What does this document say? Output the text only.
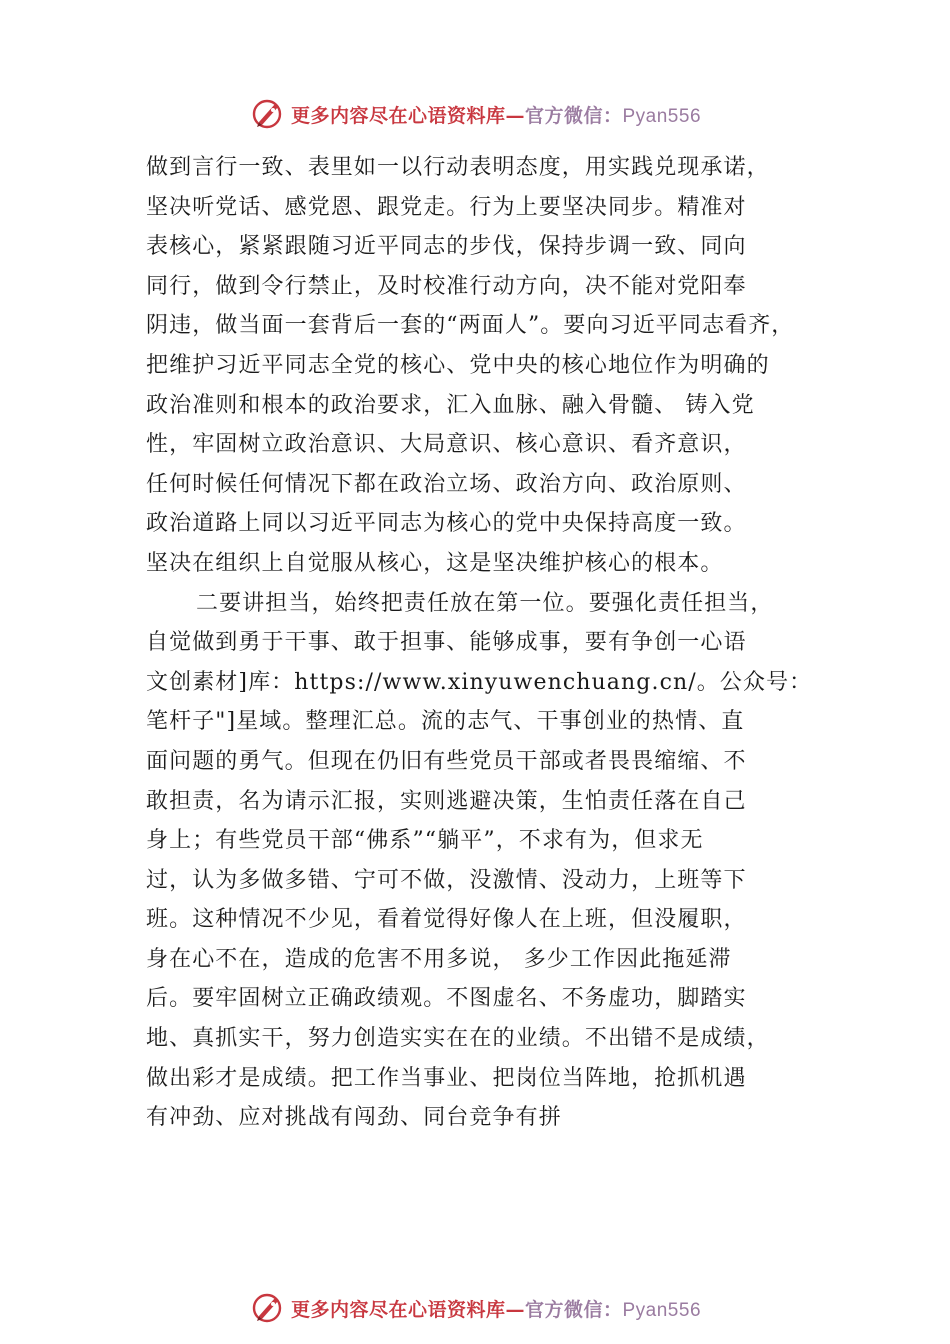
更多内容尽在心语资料库—官方微信：Pyan556
做到言行一致、表里如一以行动表明态度，用实践兑现承诺，
坚决听党话、感党恩、跟党走。行为上要坚决同步。精准对
表核心，紧紧跟随习近平同志的步伐，保持步调一致、同向
同行，做到令行禁止，及时校准行动方向，决不能对党阳奉
阴违，做当面一套背后一套的“两面人”。要向习近平同志看齐，
把维护习近平同志全党的核心、党中央的核心地位作为明确的
政治准则和根本的政治要求，汇入血脉、融入骨髓、 铸入党
性，牢固树立政治意识、大局意识、核心意识、看齐意识，
任何时候任何情况下都在政治立场、政治方向、政治原则、
政治道路上同以习近平同志为核心的党中央保持高度一致。
坚决在组织上自觉服从核心，这是坚决维护核心的根本。
二要讲担当，始终把责任放在第一位。要强化责任担当，
自觉做到勇于干事、敢于担事、能够成事，要有争创一心语
文创素材]库：https://www.xinyuwenchuang.cn/。公众号：
笔杆子"]星域。整理汇总。流的志气、干事创业的热情、直
面问题的勇气。但现在仍旧有些党员干部或者畏畏缩缩、不
敢担责，名为请示汇报，实则逃避决策，生怕责任落在自己
身上；有些党员干部“佛系”“躺平”，不求有为，但求无
过，认为多做多错、宁可不做，没激情、没动力，上班等下
班。这种情况不少见，看着觉得好像人在上班，但没履职，
身在心不在，造成的危害不用多说， 多少工作因此拖延滞
后。要牢固树立正确政绩观。不图虚名、不务虚功，脚踏实
地、真抓实干，努力创造实实在在的业绩。不出错不是成绩，
做出彩才是成绩。把工作当事业、把岗位当阵地，抢抓机遇
有冲劲、应对挑战有闯劲、同台竞争有拼
更多内容尽在心语资料库—官方微信：Pyan556
